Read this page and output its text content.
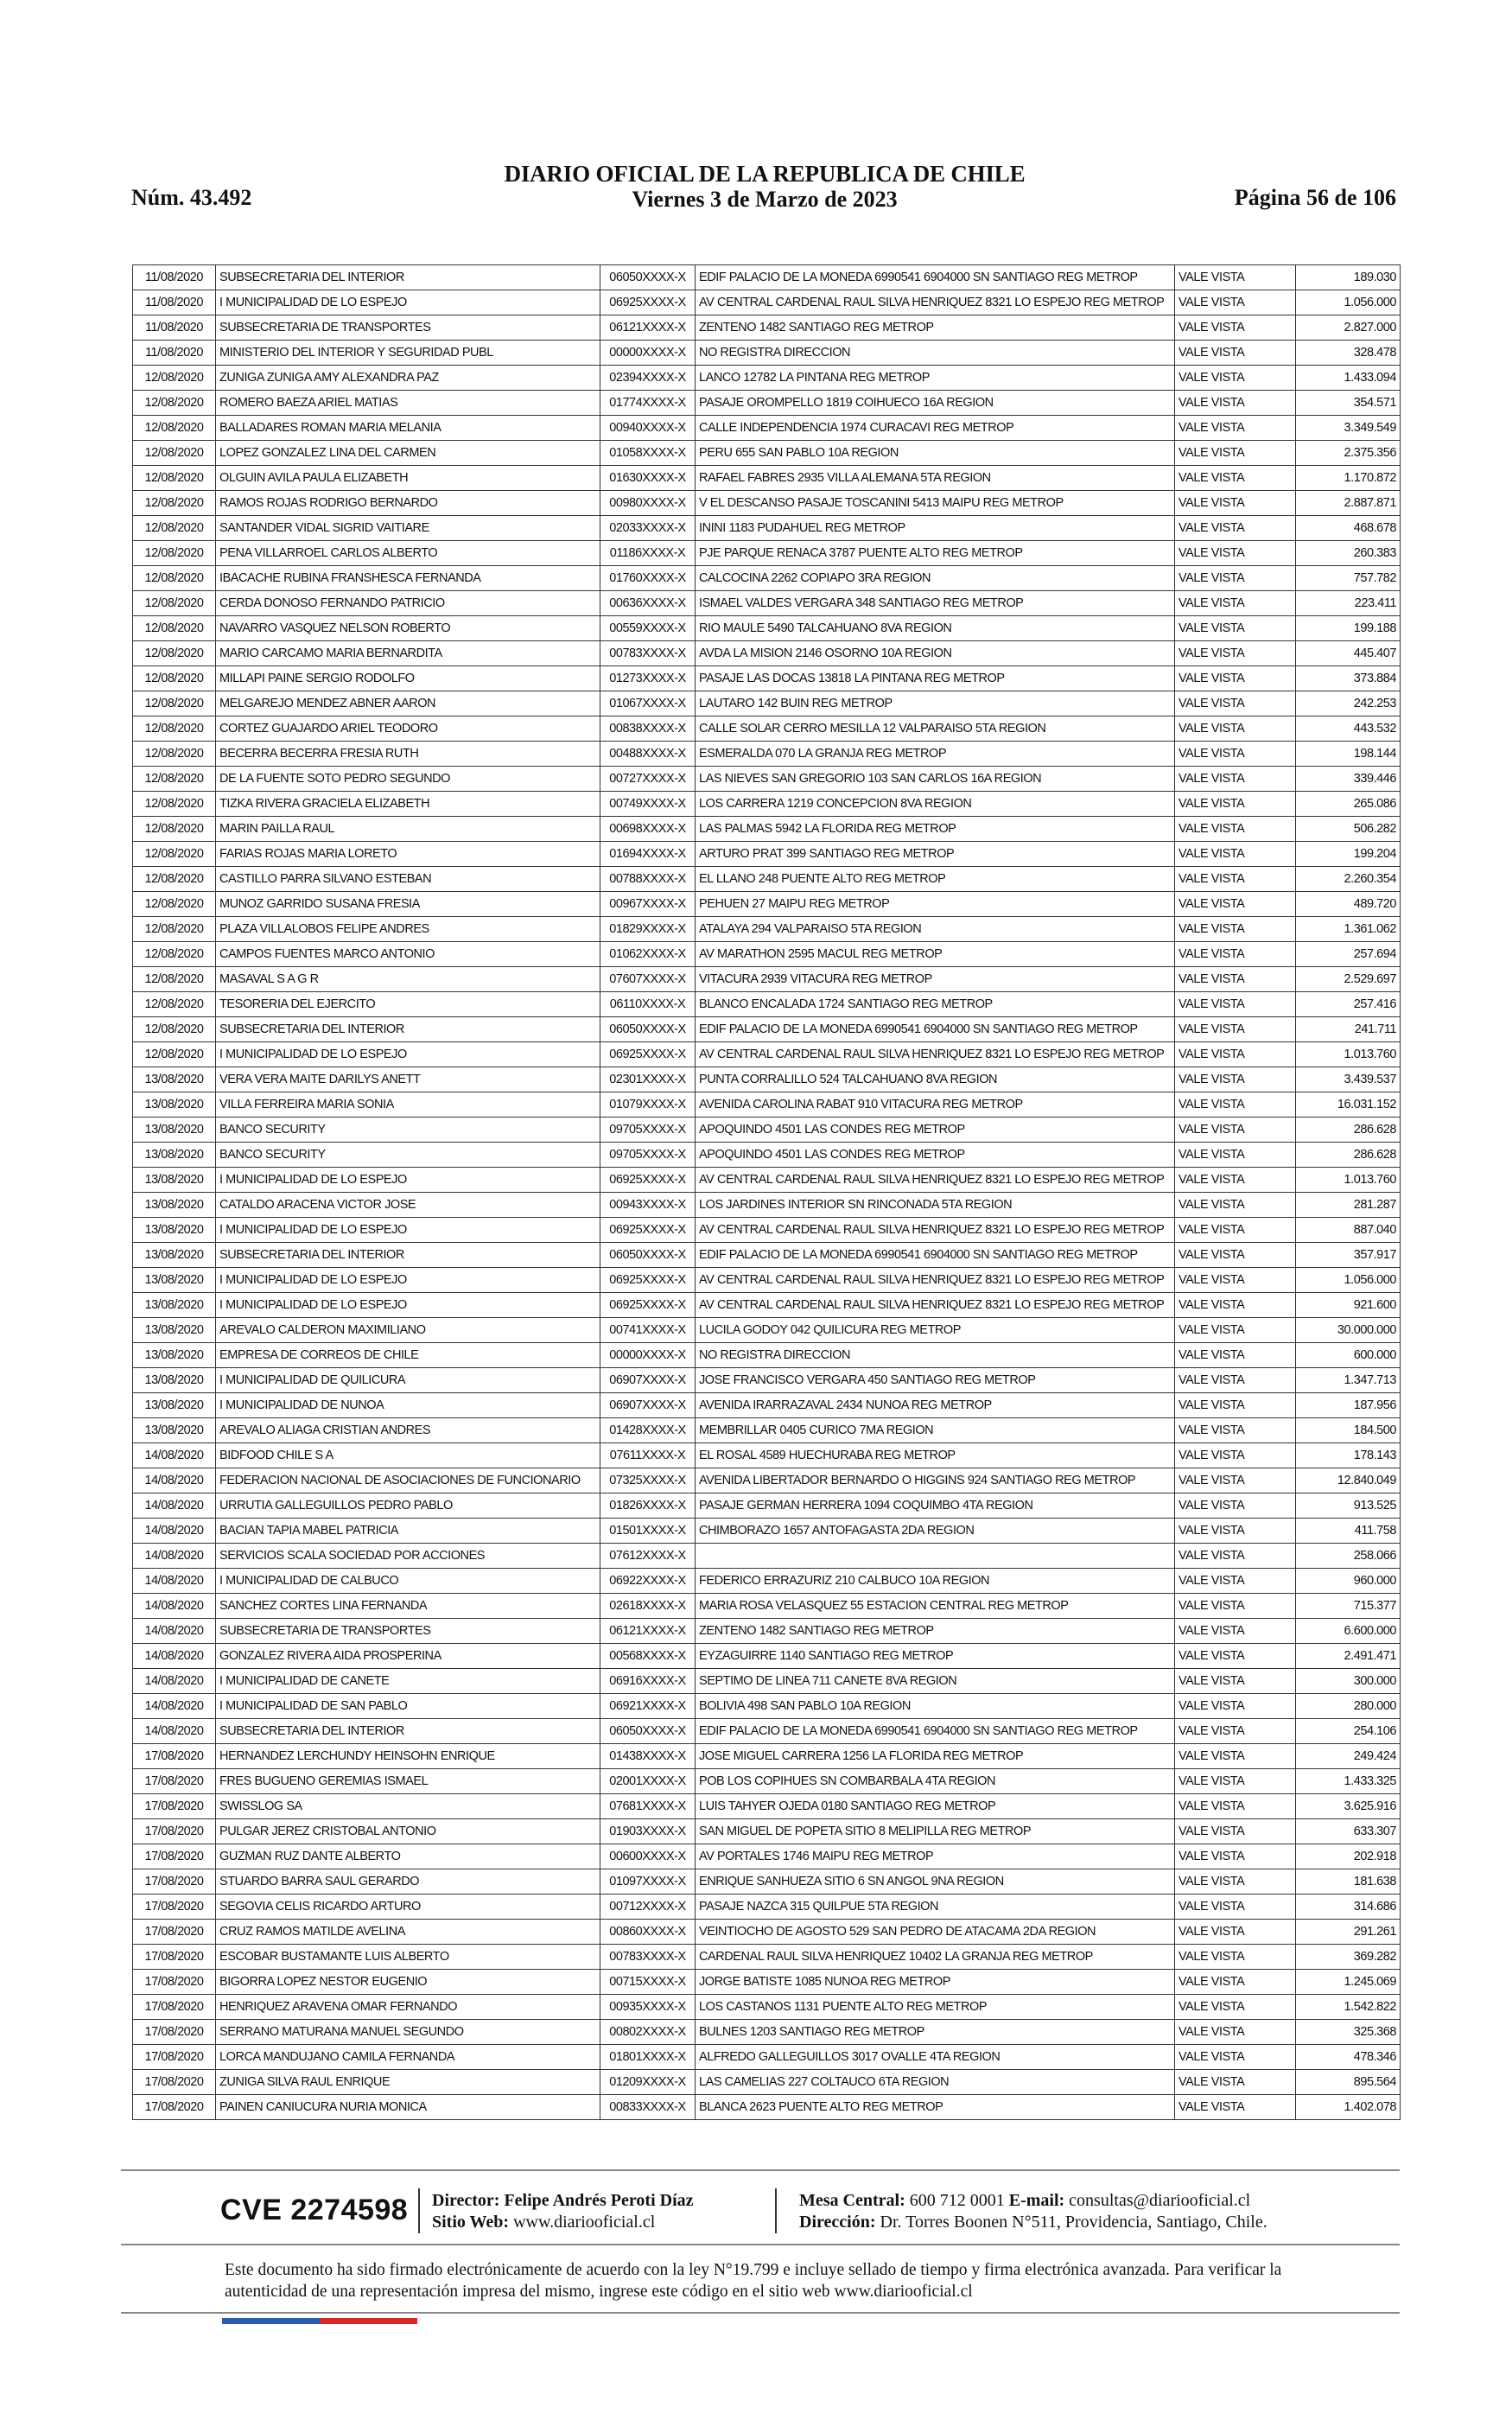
Núm. 43.492
DIARIO OFICIAL DE LA REPUBLICA DE CHILE
Viernes 3 de Marzo de 2023	Página 56 de 106
11/08/2020	SUBSECRETARIA DEL INTERIOR	06050XXXX-X	EDIF PALACIO DE LA MONEDA 6990541 6904000 SN SANTIAGO REG METROP	VALE VISTA	189.030
11/08/2020	I MUNICIPALIDAD DE LO ESPEJO	06925XXXX-X	AV CENTRAL CARDENAL RAUL SILVA HENRIQUEZ 8321 LO ESPEJO REG METROP	VALE VISTA	1.056.000
11/08/2020	SUBSECRETARIA DE TRANSPORTES	06121XXXX-X	ZENTENO 1482 SANTIAGO REG METROP	VALE VISTA	2.827.000
11/08/2020	MINISTERIO DEL INTERIOR Y SEGURIDAD PUBL	00000XXXX-X	NO REGISTRA DIRECCION	VALE VISTA	328.478
12/08/2020	ZUNIGA ZUNIGA AMY ALEXANDRA PAZ	02394XXXX-X	LANCO 12782 LA PINTANA REG METROP	VALE VISTA	1.433.094
12/08/2020	ROMERO BAEZA ARIEL MATIAS	01774XXXX-X	PASAJE OROMPELLO 1819 COIHUECO 16A REGION	VALE VISTA	354.571
12/08/2020	BALLADARES ROMAN MARIA MELANIA	00940XXXX-X	CALLE INDEPENDENCIA 1974 CURACAVI REG METROP	VALE VISTA	3.349.549
12/08/2020	LOPEZ GONZALEZ LINA DEL CARMEN	01058XXXX-X	PERU 655 SAN PABLO 10A REGION	VALE VISTA	2.375.356
12/08/2020	OLGUIN AVILA PAULA ELIZABETH	01630XXXX-X	RAFAEL FABRES 2935 VILLA ALEMANA 5TA REGION	VALE VISTA	1.170.872
12/08/2020	RAMOS ROJAS RODRIGO BERNARDO	00980XXXX-X	V EL DESCANSO PASAJE TOSCANINI 5413 MAIPU REG METROP	VALE VISTA	2.887.871
12/08/2020	SANTANDER VIDAL SIGRID VAITIARE	02033XXXX-X	ININI 1183 PUDAHUEL REG METROP	VALE VISTA	468.678
12/08/2020	PENA VILLARROEL CARLOS ALBERTO	01186XXXX-X	PJE PARQUE RENACA 3787 PUENTE ALTO REG METROP	VALE VISTA	260.383
12/08/2020	IBACACHE RUBINA FRANSHESCA FERNANDA	01760XXXX-X	CALCOCINA 2262 COPIAPO 3RA REGION	VALE VISTA	757.782
12/08/2020	CERDA DONOSO FERNANDO PATRICIO	00636XXXX-X	ISMAEL VALDES VERGARA 348 SANTIAGO REG METROP	VALE VISTA	223.411
12/08/2020	NAVARRO VASQUEZ NELSON ROBERTO	00559XXXX-X	RIO MAULE 5490 TALCAHUANO 8VA REGION	VALE VISTA	199.188
12/08/2020	MARIO CARCAMO MARIA BERNARDITA	00783XXXX-X	AVDA LA MISION 2146 OSORNO 10A REGION	VALE VISTA	445.407
12/08/2020	MILLAPI PAINE SERGIO RODOLFO	01273XXXX-X	PASAJE LAS DOCAS 13818 LA PINTANA REG METROP	VALE VISTA	373.884
12/08/2020	MELGAREJO MENDEZ ABNER AARON	01067XXXX-X	LAUTARO 142 BUIN REG METROP	VALE VISTA	242.253
12/08/2020	CORTEZ GUAJARDO ARIEL TEODORO	00838XXXX-X	CALLE SOLAR CERRO MESILLA 12 VALPARAISO 5TA REGION	VALE VISTA	443.532
12/08/2020	BECERRA BECERRA FRESIA RUTH	00488XXXX-X	ESMERALDA 070 LA GRANJA REG METROP	VALE VISTA	198.144
12/08/2020	DE LA FUENTE SOTO PEDRO SEGUNDO	00727XXXX-X	LAS NIEVES SAN GREGORIO 103 SAN CARLOS 16A REGION	VALE VISTA	339.446
12/08/2020	TIZKA RIVERA GRACIELA ELIZABETH	00749XXXX-X	LOS CARRERA 1219 CONCEPCION 8VA REGION	VALE VISTA	265.086
12/08/2020	MARIN PAILLA RAUL	00698XXXX-X	LAS PALMAS 5942 LA FLORIDA REG METROP	VALE VISTA	506.282
12/08/2020	FARIAS ROJAS MARIA LORETO	01694XXXX-X	ARTURO PRAT 399 SANTIAGO REG METROP	VALE VISTA	199.204
12/08/2020	CASTILLO PARRA SILVANO ESTEBAN	00788XXXX-X	EL LLANO 248 PUENTE ALTO REG METROP	VALE VISTA	2.260.354
12/08/2020	MUNOZ GARRIDO SUSANA FRESIA	00967XXXX-X	PEHUEN 27 MAIPU REG METROP	VALE VISTA	489.720
12/08/2020	PLAZA VILLALOBOS FELIPE ANDRES	01829XXXX-X	ATALAYA 294 VALPARAISO 5TA REGION	VALE VISTA	1.361.062
12/08/2020	CAMPOS FUENTES MARCO ANTONIO	01062XXXX-X	AV MARATHON 2595 MACUL REG METROP	VALE VISTA	257.694
12/08/2020	MASAVAL S A G R	07607XXXX-X	VITACURA 2939 VITACURA REG METROP	VALE VISTA	2.529.697
12/08/2020	TESORERIA DEL EJERCITO	06110XXXX-X	BLANCO ENCALADA 1724 SANTIAGO REG METROP	VALE VISTA	257.416
12/08/2020	SUBSECRETARIA DEL INTERIOR	06050XXXX-X	EDIF PALACIO DE LA MONEDA 6990541 6904000 SN SANTIAGO REG METROP	VALE VISTA	241.711
12/08/2020	I MUNICIPALIDAD DE LO ESPEJO	06925XXXX-X	AV CENTRAL CARDENAL RAUL SILVA HENRIQUEZ 8321 LO ESPEJO REG METROP	VALE VISTA	1.013.760
13/08/2020	VERA VERA MAITE DARILYS ANETT	02301XXXX-X	PUNTA CORRALILLO 524 TALCAHUANO 8VA REGION	VALE VISTA	3.439.537
13/08/2020	VILLA FERREIRA MARIA SONIA	01079XXXX-X	AVENIDA CAROLINA RABAT 910 VITACURA REG METROP	VALE VISTA	16.031.152
13/08/2020	BANCO SECURITY	09705XXXX-X	APOQUINDO 4501 LAS CONDES REG METROP	VALE VISTA	286.628
13/08/2020	BANCO SECURITY	09705XXXX-X	APOQUINDO 4501 LAS CONDES REG METROP	VALE VISTA	286.628
13/08/2020	I MUNICIPALIDAD DE LO ESPEJO	06925XXXX-X	AV CENTRAL CARDENAL RAUL SILVA HENRIQUEZ 8321 LO ESPEJO REG METROP	VALE VISTA	1.013.760
13/08/2020	CATALDO ARACENA VICTOR JOSE	00943XXXX-X	LOS JARDINES INTERIOR SN RINCONADA 5TA REGION	VALE VISTA	281.287
13/08/2020	I MUNICIPALIDAD DE LO ESPEJO	06925XXXX-X	AV CENTRAL CARDENAL RAUL SILVA HENRIQUEZ 8321 LO ESPEJO REG METROP	VALE VISTA	887.040
13/08/2020	SUBSECRETARIA DEL INTERIOR	06050XXXX-X	EDIF PALACIO DE LA MONEDA 6990541 6904000 SN SANTIAGO REG METROP	VALE VISTA	357.917
13/08/2020	I MUNICIPALIDAD DE LO ESPEJO	06925XXXX-X	AV CENTRAL CARDENAL RAUL SILVA HENRIQUEZ 8321 LO ESPEJO REG METROP	VALE VISTA	1.056.000
13/08/2020	I MUNICIPALIDAD DE LO ESPEJO	06925XXXX-X	AV CENTRAL CARDENAL RAUL SILVA HENRIQUEZ 8321 LO ESPEJO REG METROP	VALE VISTA	921.600
13/08/2020	AREVALO CALDERON MAXIMILIANO	00741XXXX-X	LUCILA GODOY 042 QUILICURA REG METROP	VALE VISTA	30.000.000
13/08/2020	EMPRESA DE CORREOS DE CHILE	00000XXXX-X	NO REGISTRA DIRECCION	VALE VISTA	600.000
13/08/2020	I MUNICIPALIDAD DE QUILICURA	06907XXXX-X	JOSE FRANCISCO VERGARA 450 SANTIAGO REG METROP	VALE VISTA	1.347.713
13/08/2020	I MUNICIPALIDAD DE NUNOA	06907XXXX-X	AVENIDA IRARRAZAVAL 2434 NUNOA REG METROP	VALE VISTA	187.956
13/08/2020	AREVALO ALIAGA CRISTIAN ANDRES	01428XXXX-X	MEMBRILLAR 0405 CURICO 7MA REGION	VALE VISTA	184.500
14/08/2020	BIDFOOD CHILE S A	07611XXXX-X	EL ROSAL 4589 HUECHURABA REG METROP	VALE VISTA	178.143
14/08/2020	FEDERACION NACIONAL DE ASOCIACIONES DE FUNCIONARIO	07325XXXX-X	AVENIDA LIBERTADOR BERNARDO O HIGGINS 924 SANTIAGO REG METROP	VALE VISTA	12.840.049
14/08/2020	URRUTIA GALLEGUILLOS PEDRO PABLO	01826XXXX-X	PASAJE GERMAN HERRERA 1094 COQUIMBO 4TA REGION	VALE VISTA	913.525
14/08/2020	BACIAN TAPIA MABEL PATRICIA	01501XXXX-X	CHIMBORAZO 1657 ANTOFAGASTA 2DA REGION	VALE VISTA	411.758
14/08/2020	SERVICIOS SCALA SOCIEDAD POR ACCIONES	07612XXXX-X		VALE VISTA	258.066
14/08/2020	I MUNICIPALIDAD DE CALBUCO	06922XXXX-X	FEDERICO ERRAZURIZ 210 CALBUCO 10A REGION	VALE VISTA	960.000
14/08/2020	SANCHEZ CORTES LINA FERNANDA	02618XXXX-X	MARIA ROSA VELASQUEZ 55 ESTACION CENTRAL REG METROP	VALE VISTA	715.377
14/08/2020	SUBSECRETARIA DE TRANSPORTES	06121XXXX-X	ZENTENO 1482 SANTIAGO REG METROP	VALE VISTA	6.600.000
14/08/2020	GONZALEZ RIVERA AIDA PROSPERINA	00568XXXX-X	EYZAGUIRRE 1140 SANTIAGO REG METROP	VALE VISTA	2.491.471
14/08/2020	I MUNICIPALIDAD DE CANETE	06916XXXX-X	SEPTIMO DE LINEA 711 CANETE 8VA REGION	VALE VISTA	300.000
14/08/2020	I MUNICIPALIDAD DE SAN PABLO	06921XXXX-X	BOLIVIA 498 SAN PABLO 10A REGION	VALE VISTA	280.000
14/08/2020	SUBSECRETARIA DEL INTERIOR	06050XXXX-X	EDIF PALACIO DE LA MONEDA 6990541 6904000 SN SANTIAGO REG METROP	VALE VISTA	254.106
17/08/2020	HERNANDEZ LERCHUNDY HEINSOHN ENRIQUE	01438XXXX-X	JOSE MIGUEL CARRERA 1256 LA FLORIDA REG METROP	VALE VISTA	249.424
17/08/2020	FRES BUGUENO GEREMIAS ISMAEL	02001XXXX-X	POB LOS COPIHUES SN COMBARBALA 4TA REGION	VALE VISTA	1.433.325
17/08/2020	SWISSLOG SA	07681XXXX-X	LUIS TAHYER OJEDA 0180 SANTIAGO REG METROP	VALE VISTA	3.625.916
17/08/2020	PULGAR JEREZ CRISTOBAL ANTONIO	01903XXXX-X	SAN MIGUEL DE POPETA SITIO 8 MELIPILLA REG METROP	VALE VISTA	633.307
17/08/2020	GUZMAN RUZ DANTE ALBERTO	00600XXXX-X	AV PORTALES 1746 MAIPU REG METROP	VALE VISTA	202.918
17/08/2020	STUARDO BARRA SAUL GERARDO	01097XXXX-X	ENRIQUE SANHUEZA SITIO 6 SN ANGOL 9NA REGION	VALE VISTA	181.638
17/08/2020	SEGOVIA CELIS RICARDO ARTURO	00712XXXX-X	PASAJE NAZCA 315 QUILPUE 5TA REGION	VALE VISTA	314.686
17/08/2020	CRUZ RAMOS MATILDE AVELINA	00860XXXX-X	VEINTIOCHO DE AGOSTO 529 SAN PEDRO DE ATACAMA 2DA REGION	VALE VISTA	291.261
17/08/2020	ESCOBAR BUSTAMANTE LUIS ALBERTO	00783XXXX-X	CARDENAL RAUL SILVA HENRIQUEZ 10402 LA GRANJA REG METROP	VALE VISTA	369.282
17/08/2020	BIGORRA LOPEZ NESTOR EUGENIO	00715XXXX-X	JORGE BATISTE 1085 NUNOA REG METROP	VALE VISTA	1.245.069
17/08/2020	HENRIQUEZ ARAVENA OMAR FERNANDO	00935XXXX-X	LOS CASTANOS 1131 PUENTE ALTO REG METROP	VALE VISTA	1.542.822
17/08/2020	SERRANO MATURANA MANUEL SEGUNDO	00802XXXX-X	BULNES 1203 SANTIAGO REG METROP	VALE VISTA	325.368
17/08/2020	LORCA MANDUJANO CAMILA FERNANDA	01801XXXX-X	ALFREDO GALLEGUILLOS 3017 OVALLE 4TA REGION	VALE VISTA	478.346
17/08/2020	ZUNIGA SILVA RAUL ENRIQUE	01209XXXX-X	LAS CAMELIAS 227 COLTAUCO 6TA REGION	VALE VISTA	895.564
17/08/2020	PAINEN CANIUCURA NURIA MONICA	00833XXXX-X	BLANCA 2623 PUENTE ALTO REG METROP	VALE VISTA	1.402.078
CVE 2274598 Director: Felipe Andrés Peroti Díaz
Sitio Web: www.diariooficial.cl
Mesa Central: 600 712 0001 E-mail: consultas@diariooficial.cl
Dirección: Dr. Torres Boonen N°511, Providencia, Santiago, Chile.
Este documento ha sido firmado electrónicamente de acuerdo con la ley N°19.799 e incluye sellado de tiempo y firma electrónica avanzada. Para verificar la autenticidad de una representación impresa del mismo, ingrese este código en el sitio web www.diariooficial.cl
